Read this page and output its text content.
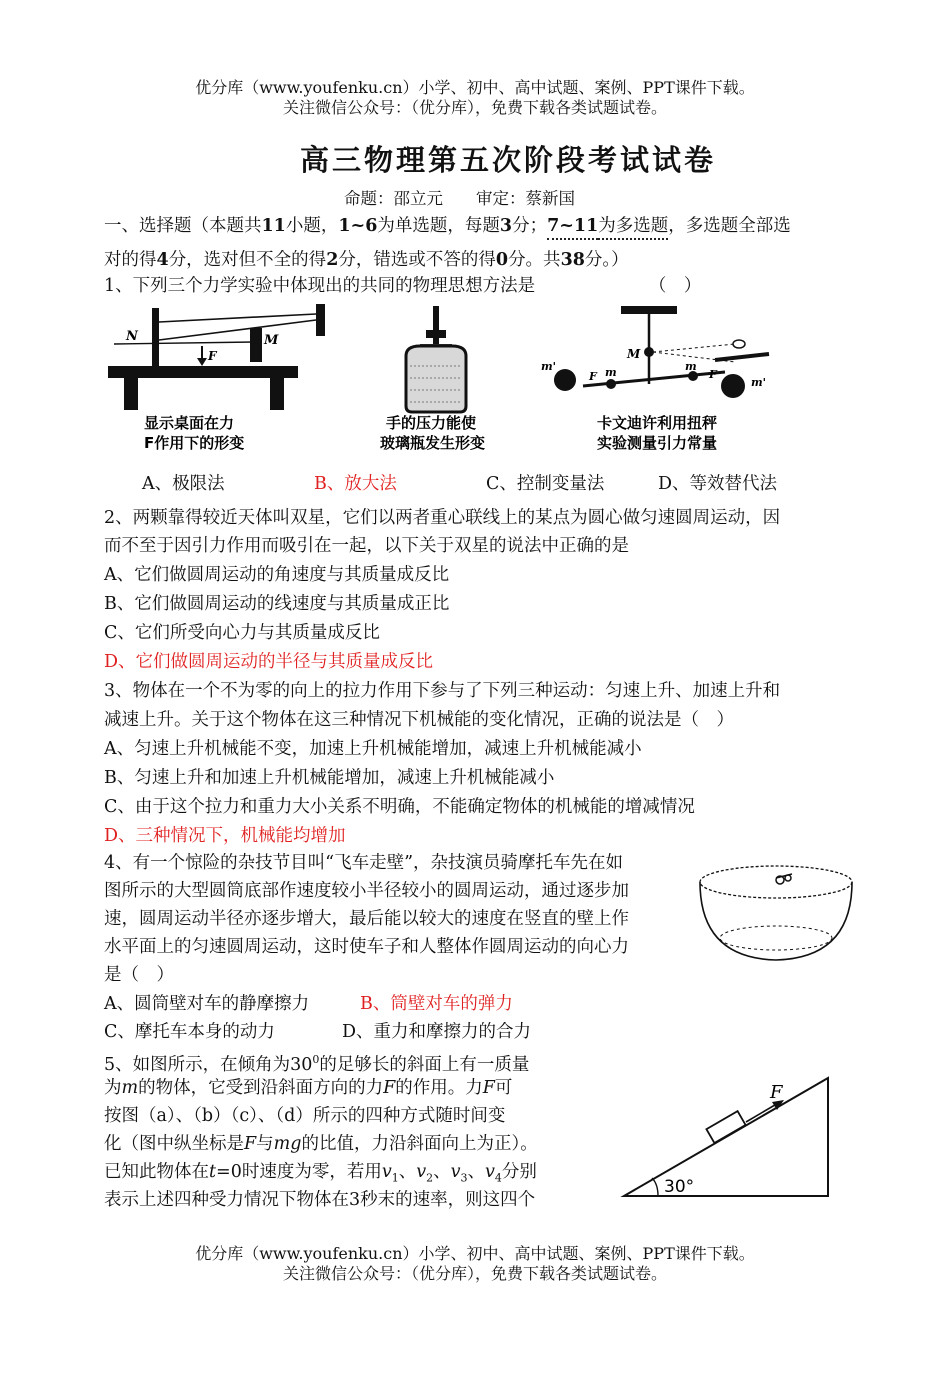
优分库（www.youfenku.cn）小学、初中、高中试题、案例、PPT课件下载。
关注微信公众号：（优分库），免费下载各类试题试卷。
高三物理第五次阶段考试试卷
命题：邵立元　　审定：蔡新国
一、选择题（本题共11小题，1~6为单选题，每题3分；7~11为多选题，多选题全部选
对的得4分，选对但不全的得2分，错选或不答的得0分。共38分。）
1、下列三个力学实验中体现出的共同的物理思想方法是　　　　　　　（　）
N	M
F
显示桌面在力
F作用下的形变
手的压力能使
玻璃瓶发生形变
M
m'
m'
F	F
m	m
卡文迪许利用扭秤
实验测量引力常量
A、极限法	B、放大法	C、控制变量法	D、等效替代法
2、两颗靠得较近天体叫双星，它们以两者重心联线上的某点为圆心做匀速圆周运动，因
而不至于因引力作用而吸引在一起，以下关于双星的说法中正确的是
A、它们做圆周运动的角速度与其质量成反比
B、它们做圆周运动的线速度与其质量成正比
C、它们所受向心力与其质量成反比
D、它们做圆周运动的半径与其质量成反比
3、物体在一个不为零的向上的拉力作用下参与了下列三种运动：匀速上升、加速上升和
减速上升。关于这个物体在这三种情况下机械能的变化情况，正确的说法是（　）
A、匀速上升机械能不变，加速上升机械能增加，减速上升机械能减小
B、匀速上升和加速上升机械能增加，减速上升机械能减小
C、由于这个拉力和重力大小关系不明确，不能确定物体的机械能的增减情况
D、三种情况下，机械能均增加
4、有一个惊险的杂技节目叫“飞车走壁”，杂技演员骑摩托车先在如
图所示的大型圆筒底部作速度较小半径较小的圆周运动，通过逐步加
速，圆周运动半径亦逐步增大，最后能以较大的速度在竖直的壁上作
水平面上的匀速圆周运动，这时使车子和人整体作圆周运动的向心力
是（　）
A、圆筒壁对车的静摩擦力	B、筒壁对车的弹力
C、摩托车本身的动力	D、重力和摩擦力的合力
5、如图所示，在倾角为$30^0$的足够长的斜面上有一质量
为m的物体，它受到沿斜面方向的力F的作用。力F可
按图（a）、（b）（c）、（d）所示的四种方式随时间变
化（图中纵坐标是F与mg的比值，力沿斜面向上为正）。
已知此物体在t=0时速度为零，若用$v_1$、$v_2$、$v_3$、$v_4$分别
表示上述四种受力情况下物体在3秒末的速率，则这四个
F
30°
优分库（www.youfenku.cn）小学、初中、高中试题、案例、PPT课件下载。
关注微信公众号：（优分库），免费下载各类试题试卷。
